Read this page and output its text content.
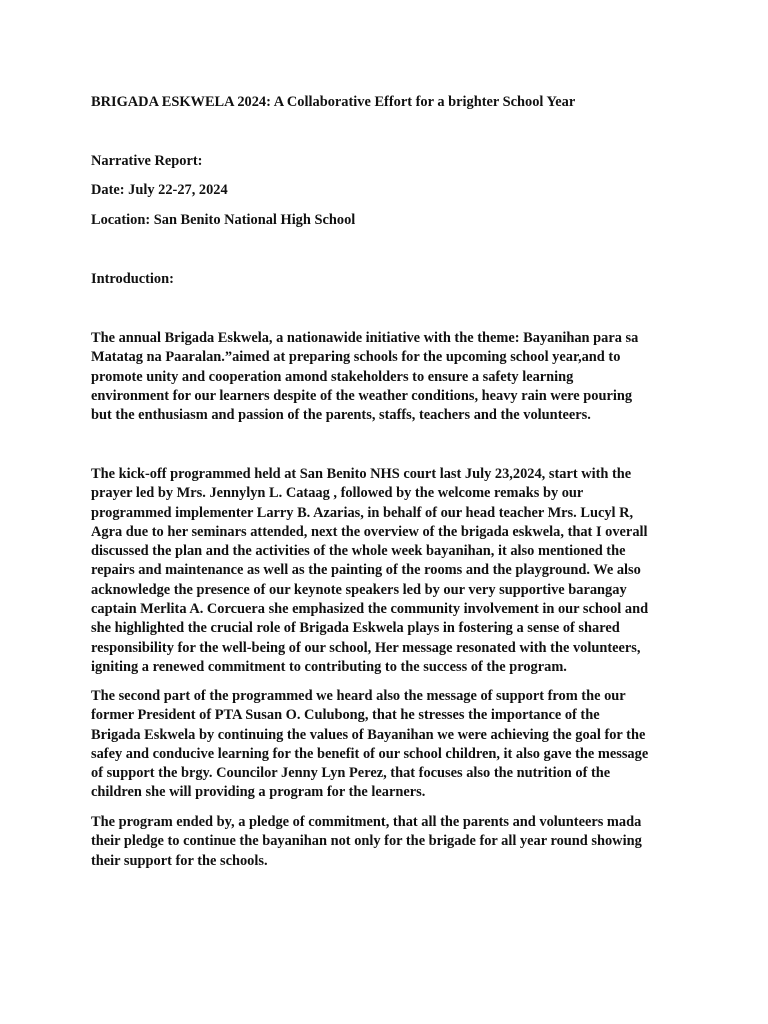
BRIGADA ESKWELA 2024: A Collaborative Effort for a brighter School Year
Narrative Report:
Date: July 22-27, 2024
Location: San Benito National High School
Introduction:
The annual Brigada Eskwela, a nationawide initiative with the theme: Bayanihan para sa
Matatag na Paaralan.”aimed at preparing schools for the upcoming school year,and to
promote unity and cooperation amond stakeholders to ensure a safety learning
environment for our learners despite of the weather conditions, heavy rain were pouring
but the enthusiasm and passion of the parents, staffs, teachers and the volunteers.
The kick-off programmed held at San Benito NHS court last July 23,2024, start with the
prayer led by Mrs. Jennylyn L. Cataag , followed by the welcome remaks by our
programmed implementer Larry B. Azarias, in behalf of our head teacher Mrs. Lucyl R,
Agra due to her seminars attended, next the overview of the brigada eskwela, that I overall
discussed the plan and the activities of the whole week bayanihan, it also mentioned the
repairs and maintenance as well as the painting of the rooms and the playground. We also
acknowledge the presence of our keynote speakers led by our very supportive barangay
captain Merlita A. Corcuera she emphasized the community involvement in our school and
she highlighted the crucial role of Brigada Eskwela plays in fostering a sense of shared
responsibility for the well-being of our school, Her message resonated with the volunteers,
igniting a renewed commitment to contributing to the success of the program.
The second part of the programmed we heard also the message of support from the our
former President of PTA Susan O. Culubong, that he stresses the importance of the
Brigada Eskwela by continuing the values of Bayanihan we were achieving the goal for the
safey and conducive learning for the benefit of our school children, it also gave the message
of support the brgy. Councilor Jenny Lyn Perez, that focuses also the nutrition of the
children she will providing a program for the learners.
The program ended by, a pledge of commitment, that all the parents and volunteers mada
their pledge to continue the bayanihan not only for the brigade for all year round showing
their support for the schools.
